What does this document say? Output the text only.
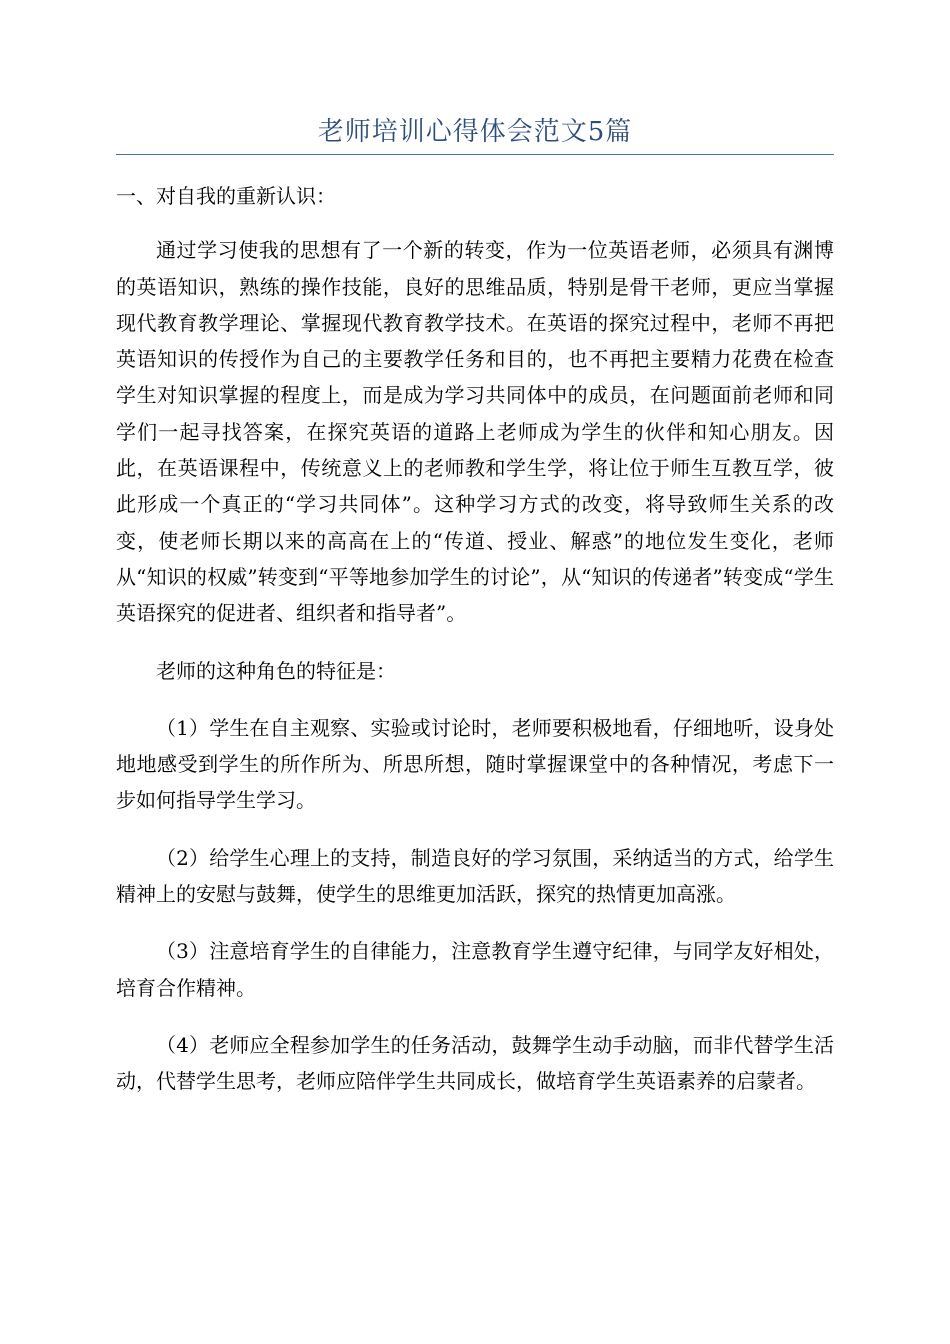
老师培训心得体会范文5篇

一、对自我的重新认识：

通过学习使我的思想有了一个新的转变，作为一位英语老师，必须具有渊博的英语知识，熟练的操作技能，良好的思维品质，特别是骨干老师，更应当掌握现代教育教学理论、掌握现代教育教学技术。在英语的探究过程中，老师不再把英语知识的传授作为自己的主要教学任务和目的，也不再把主要精力花费在检查学生对知识掌握的程度上，而是成为学习共同体中的成员，在问题面前老师和同学们一起寻找答案，在探究英语的道路上老师成为学生的伙伴和知心朋友。因此，在英语课程中，传统意义上的老师教和学生学，将让位于师生互教互学，彼此形成一个真正的“学习共同体”。这种学习方式的改变，将导致师生关系的改变，使老师长期以来的高高在上的“传道、授业、解惑”的地位发生变化，老师从“知识的权威”转变到“平等地参加学生的讨论”，从“知识的传递者”转变成“学生英语探究的促进者、组织者和指导者”。

老师的这种角色的特征是：

（1）学生在自主观察、实验或讨论时，老师要积极地看，仔细地听，设身处地地感受到学生的所作所为、所思所想，随时掌握课堂中的各种情况，考虑下一步如何指导学生学习。

（2）给学生心理上的支持，制造良好的学习氛围，采纳适当的方式，给学生精神上的安慰与鼓舞，使学生的思维更加活跃，探究的热情更加高涨。

（3）注意培育学生的自律能力，注意教育学生遵守纪律，与同学友好相处，培育合作精神。

（4）老师应全程参加学生的任务活动，鼓舞学生动手动脑，而非代替学生活动，代替学生思考，老师应陪伴学生共同成长，做培育学生英语素养的启蒙者。
